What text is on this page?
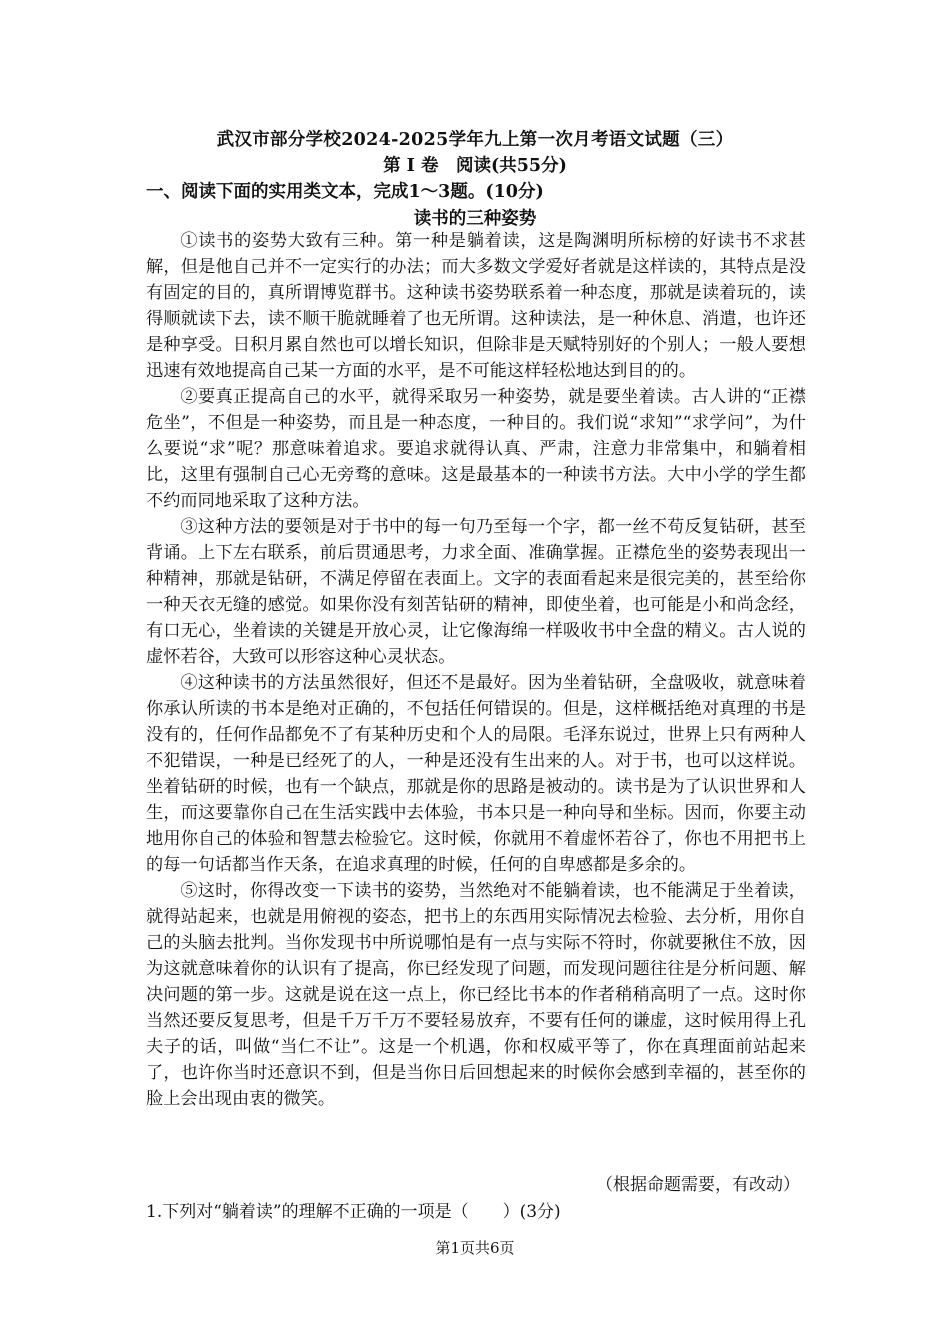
武汉市部分学校2024-2025学年九上第一次月考语文试题（三）
第 Ⅰ 卷　阅读(共55分)
一、阅读下面的实用类文本，完成1～3题。(10分)
读书的三种姿势

①读书的姿势大致有三种。第一种是躺着读，这是陶渊明所标榜的好读书不求甚解，但是他自己并不一定实行的办法；而大多数文学爱好者就是这样读的，其特点是没有固定的目的，真所谓博览群书。这种读书姿势联系着一种态度，那就是读着玩的，读得顺就读下去，读不顺干脆就睡着了也无所谓。这种读法，是一种休息、消遣，也许还是种享受。日积月累自然也可以增长知识，但除非是天赋特别好的个别人；一般人要想迅速有效地提高自己某一方面的水平，是不可能这样轻松地达到目的的。

②要真正提高自己的水平，就得采取另一种姿势，就是要坐着读。古人讲的“正襟危坐”，不但是一种姿势，而且是一种态度，一种目的。我们说“求知”“求学问”，为什么要说“求”呢？那意味着追求。要追求就得认真、严肃，注意力非常集中，和躺着相比，这里有强制自己心无旁骛的意味。这是最基本的一种读书方法。大中小学的学生都不约而同地采取了这种方法。

③这种方法的要领是对于书中的每一句乃至每一个字，都一丝不苟反复钻研，甚至背诵。上下左右联系，前后贯通思考，力求全面、准确掌握。正襟危坐的姿势表现出一种精神，那就是钻研，不满足停留在表面上。文字的表面看起来是很完美的，甚至给你一种天衣无缝的感觉。如果你没有刻苦钻研的精神，即使坐着，也可能是小和尚念经，有口无心，坐着读的关键是开放心灵，让它像海绵一样吸收书中全盘的精义。古人说的虚怀若谷，大致可以形容这种心灵状态。

④这种读书的方法虽然很好，但还不是最好。因为坐着钻研，全盘吸收，就意味着你承认所读的书本是绝对正确的，不包括任何错误的。但是，这样概括绝对真理的书是没有的，任何作品都免不了有某种历史和个人的局限。毛泽东说过，世界上只有两种人不犯错误，一种是已经死了的人，一种是还没有生出来的人。对于书，也可以这样说。坐着钻研的时候，也有一个缺点，那就是你的思路是被动的。读书是为了认识世界和人生，而这要靠你自己在生活实践中去体验，书本只是一种向导和坐标。因而，你要主动地用你自己的体验和智慧去检验它。这时候，你就用不着虚怀若谷了，你也不用把书上的每一句话都当作天条，在追求真理的时候，任何的自卑感都是多余的。

⑤这时，你得改变一下读书的姿势，当然绝对不能躺着读，也不能满足于坐着读，就得站起来，也就是用俯视的姿态，把书上的东西用实际情况去检验、去分析，用你自己的头脑去批判。当你发现书中所说哪怕是有一点与实际不符时，你就要揪住不放，因为这就意味着你的认识有了提高，你已经发现了问题，而发现问题往往是分析问题、解决问题的第一步。这就是说在这一点上，你已经比书本的作者稍稍高明了一点。这时你当然还要反复思考，但是千万千万不要轻易放弃，不要有任何的谦虚，这时候用得上孔夫子的话，叫做“当仁不让”。这是一个机遇，你和权威平等了，你在真理面前站起来了，也许你当时还意识不到，但是当你日后回想起来的时候你会感到幸福的，甚至你的脸上会出现由衷的微笑。

（根据命题需要，有改动）
1.下列对“躺着读”的理解不正确的一项是（　　）(3分)
第1页共6页
